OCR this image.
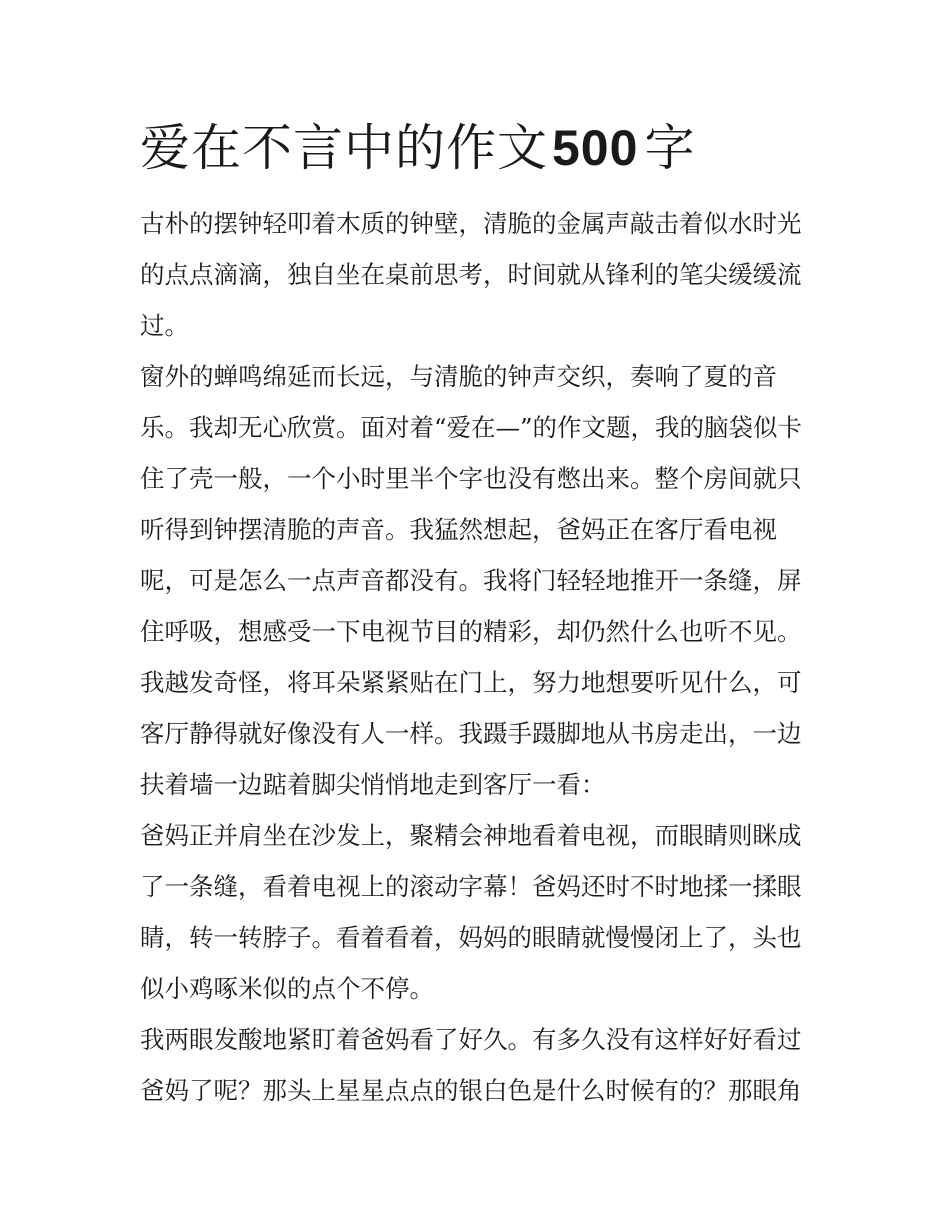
爱在不言中的作文500 字
古朴的摆钟轻叩着木质的钟壁，清脆的金属声敲击着似水时光
的点点滴滴，独自坐在桌前思考，时间就从锋利的笔尖缓缓流
过。
窗外的蝉鸣绵延而长远，与清脆的钟声交织，奏响了夏的音
乐。我却无心欣赏。面对着“爱在—”的作文题，我的脑袋似卡
住了壳一般，一个小时里半个字也没有憋出来。整个房间就只
听得到钟摆清脆的声音。我猛然想起，爸妈正在客厅看电视
呢，可是怎么一点声音都没有。我将门轻轻地推开一条缝，屏
住呼吸，想感受一下电视节目的精彩，却仍然什么也听不见。
我越发奇怪，将耳朵紧紧贴在门上，努力地想要听见什么，可
客厅静得就好像没有人一样。我蹑手蹑脚地从书房走出，一边
扶着墙一边踮着脚尖悄悄地走到客厅一看：
爸妈正并肩坐在沙发上，聚精会神地看着电视，而眼睛则眯成
了一条缝，看着电视上的滚动字幕！爸妈还时不时地揉一揉眼
睛，转一转脖子。看着看着，妈妈的眼睛就慢慢闭上了，头也
似小鸡啄米似的点个不停。
我两眼发酸地紧盯着爸妈看了好久。有多久没有这样好好看过
爸妈了呢？那头上星星点点的银白色是什么时候有的？那眼角
